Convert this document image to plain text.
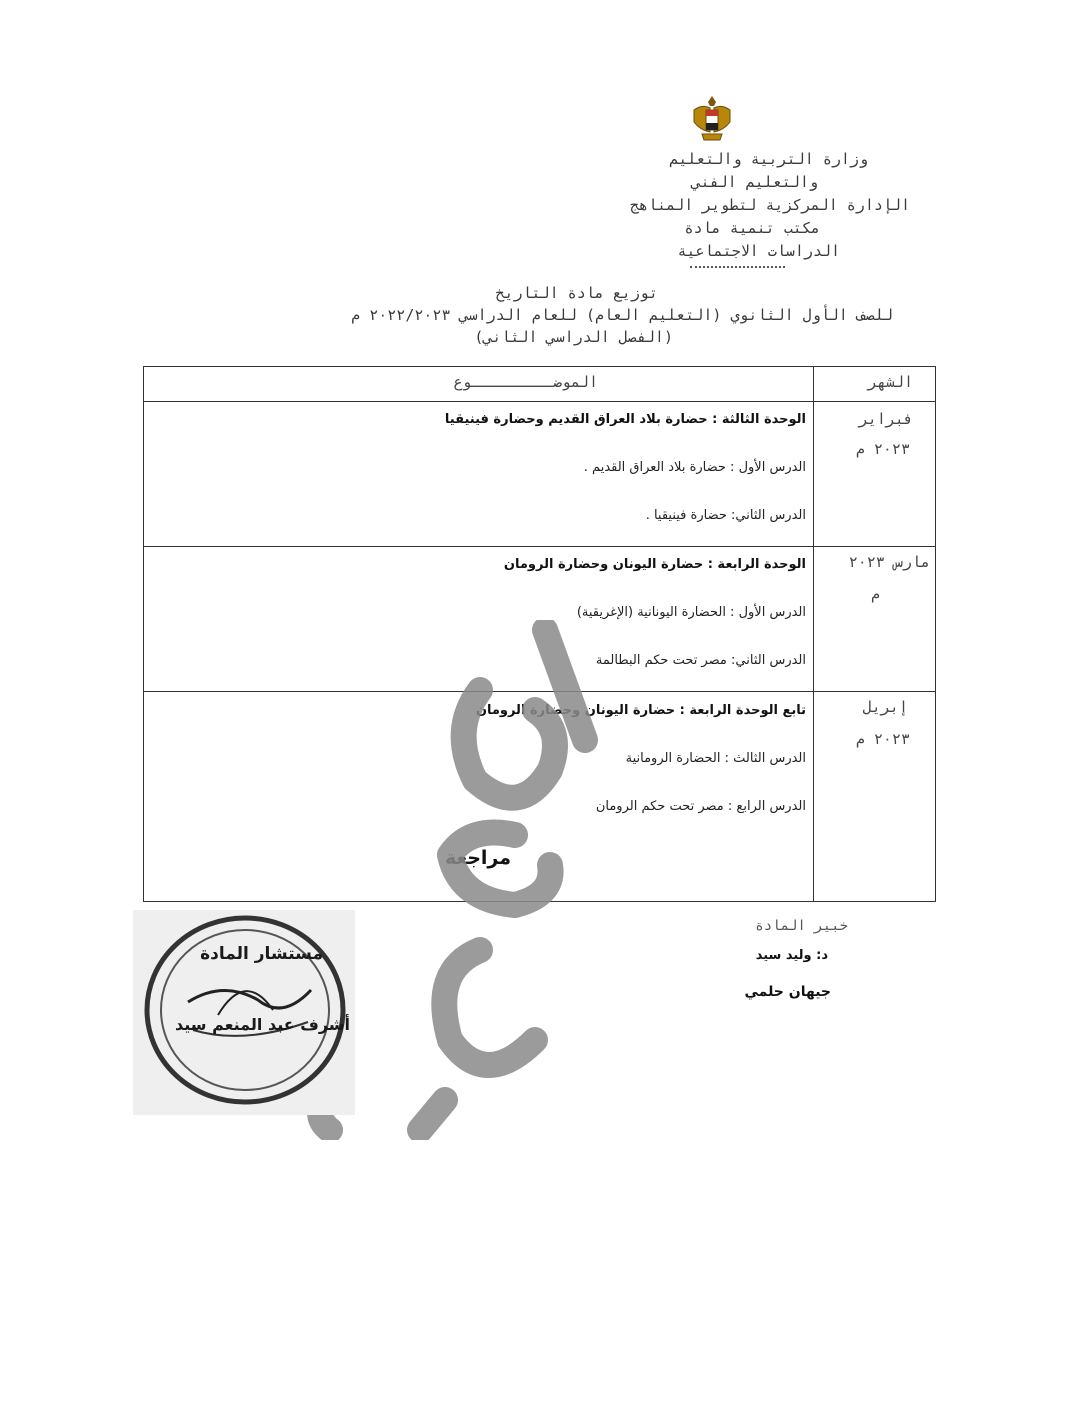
وزارة التربية والتعليم
والتعليم الفني
الإدارة المركزية لتطوير المناهج
مكتب تنمية مادة
الدراسات الاجتماعية
توزيع مادة التاريخ
للصف الأول الثانوي (التعليم العام) للعام الدراسي ٢٠٢٢/٢٠٢٣ م
(الفصل الدراسي الثاني)
الشهر
الموضـــــــــوع
فبراير
٢٠٢٣ م
الوحدة الثالثة : حضارة بلاد العراق القديم وحضارة فينيقيا
الدرس الأول : حضارة بلاد العراق القديم .
الدرس الثاني: حضارة فينيقيا .
مارس ٢٠٢٣
م
الوحدة الرابعة : حضارة اليونان وحضارة الرومان
الدرس الأول : الحضارة اليونانية (الإغريقية)
الدرس الثاني: مصر تحت حكم البطالمة
إبريل
٢٠٢٣ م
تابع الوحدة الرابعة : حضارة اليونان وحضارة الرومان
الدرس الثالث : الحضارة الرومانية
الدرس الرابع : مصر تحت حكم الرومان
مراجعة
مستشار المادة
أشرف عبد المنعم سيد
خبير المادة
د: وليد سيد
جيهان حلمي
